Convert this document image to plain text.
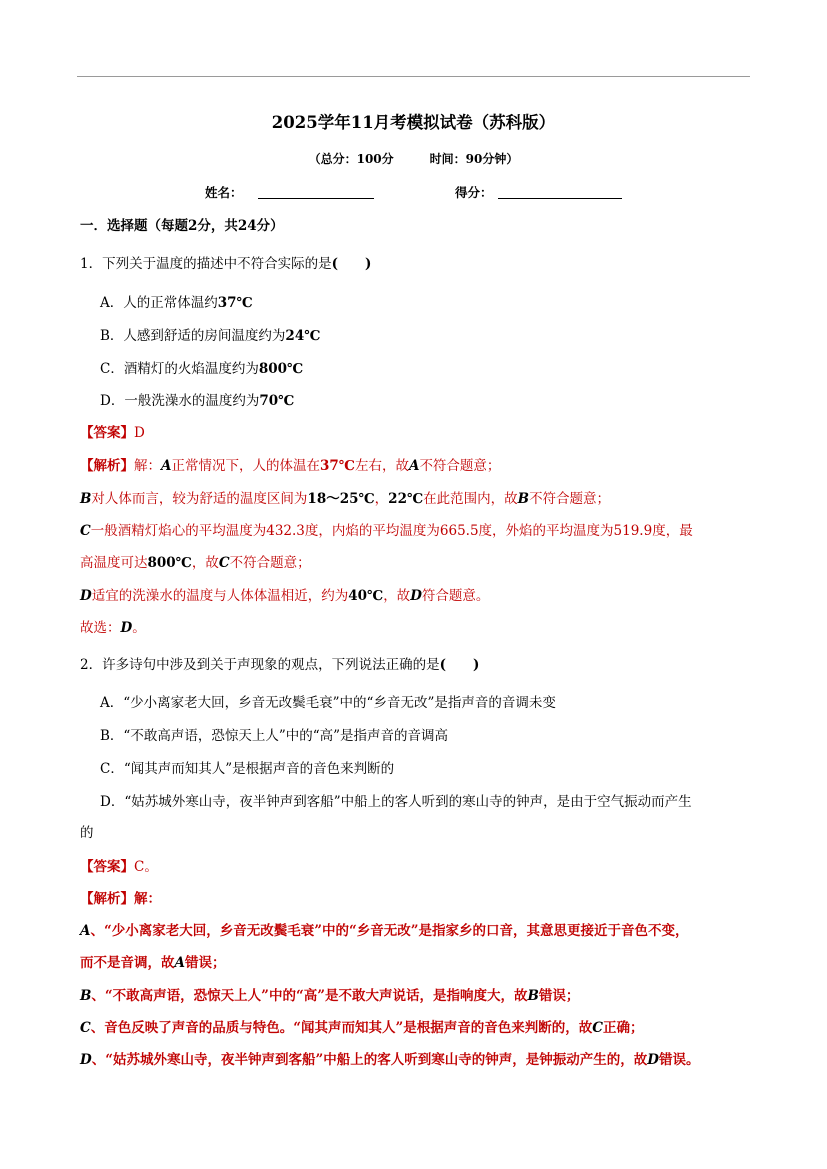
2025学年11月考模拟试卷（苏科版）
（总分：100分	时间：90分钟）
姓名：	得分：
一．选择题（每题2分，共24分）
1．下列关于温度的描述中不符合实际的是(　　)
A．人的正常体温约37℃
B．人感到舒适的房间温度约为24℃
C．酒精灯的火焰温度约为800℃
D．一般洗澡水的温度约为70℃
【答案】D
【解析】解：A正常情况下，人的体温在37℃左右，故A不符合题意；
B对人体而言，较为舒适的温度区间为18～25℃，22℃在此范围内，故B不符合题意；
C一般酒精灯焰心的平均温度为432.3度，内焰的平均温度为665.5度，外焰的平均温度为519.9度，最
高温度可达800℃，故C不符合题意；
D适宜的洗澡水的温度与人体体温相近，约为40℃，故D符合题意。
故选：D。
2．许多诗句中涉及到关于声现象的观点，下列说法正确的是(　　)
A．“少小离家老大回，乡音无改鬓毛衰”中的“乡音无改”是指声音的音调未变
B．“不敢高声语，恐惊天上人”中的“高”是指声音的音调高
C．“闻其声而知其人”是根据声音的音色来判断的
D．“姑苏城外寒山寺，夜半钟声到客船”中船上的客人听到的寒山寺的钟声，是由于空气振动而产生
的
【答案】C。
【解析】解：
A、“少小离家老大回，乡音无改鬓毛衰”中的“乡音无改”是指家乡的口音，其意思更接近于音色不变，
而不是音调，故A错误；
B、“不敢高声语，恐惊天上人”中的“高”是不敢大声说话，是指响度大，故B错误；
C、音色反映了声音的品质与特色。“闻其声而知其人”是根据声音的音色来判断的，故C正确；
D、“姑苏城外寒山寺，夜半钟声到客船”中船上的客人听到寒山寺的钟声，是钟振动产生的，故D错误。
